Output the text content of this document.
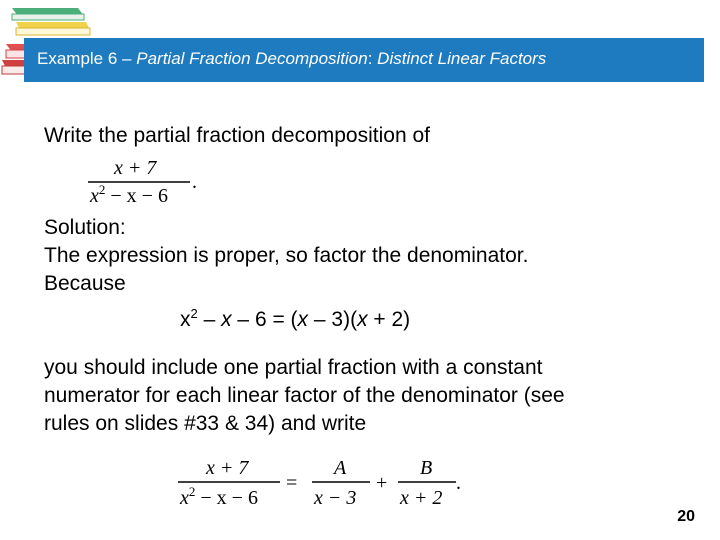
Example 6 – Partial Fraction Decomposition: Distinct Linear Factors
Write the partial fraction decomposition of
x + 7
$x^2 - x - 6$
.
Solution:
The expression is proper, so factor the denominator.
Because
$x^2 - x - 6 = (x - 3)(x + 2)$
you should include one partial fraction with a constant
numerator for each linear factor of the denominator (see
rules on slides #33 & 34) and write
x + 7
$x^2 - x - 6$
=
A
x − 3
+
B
x + 2
.
20
